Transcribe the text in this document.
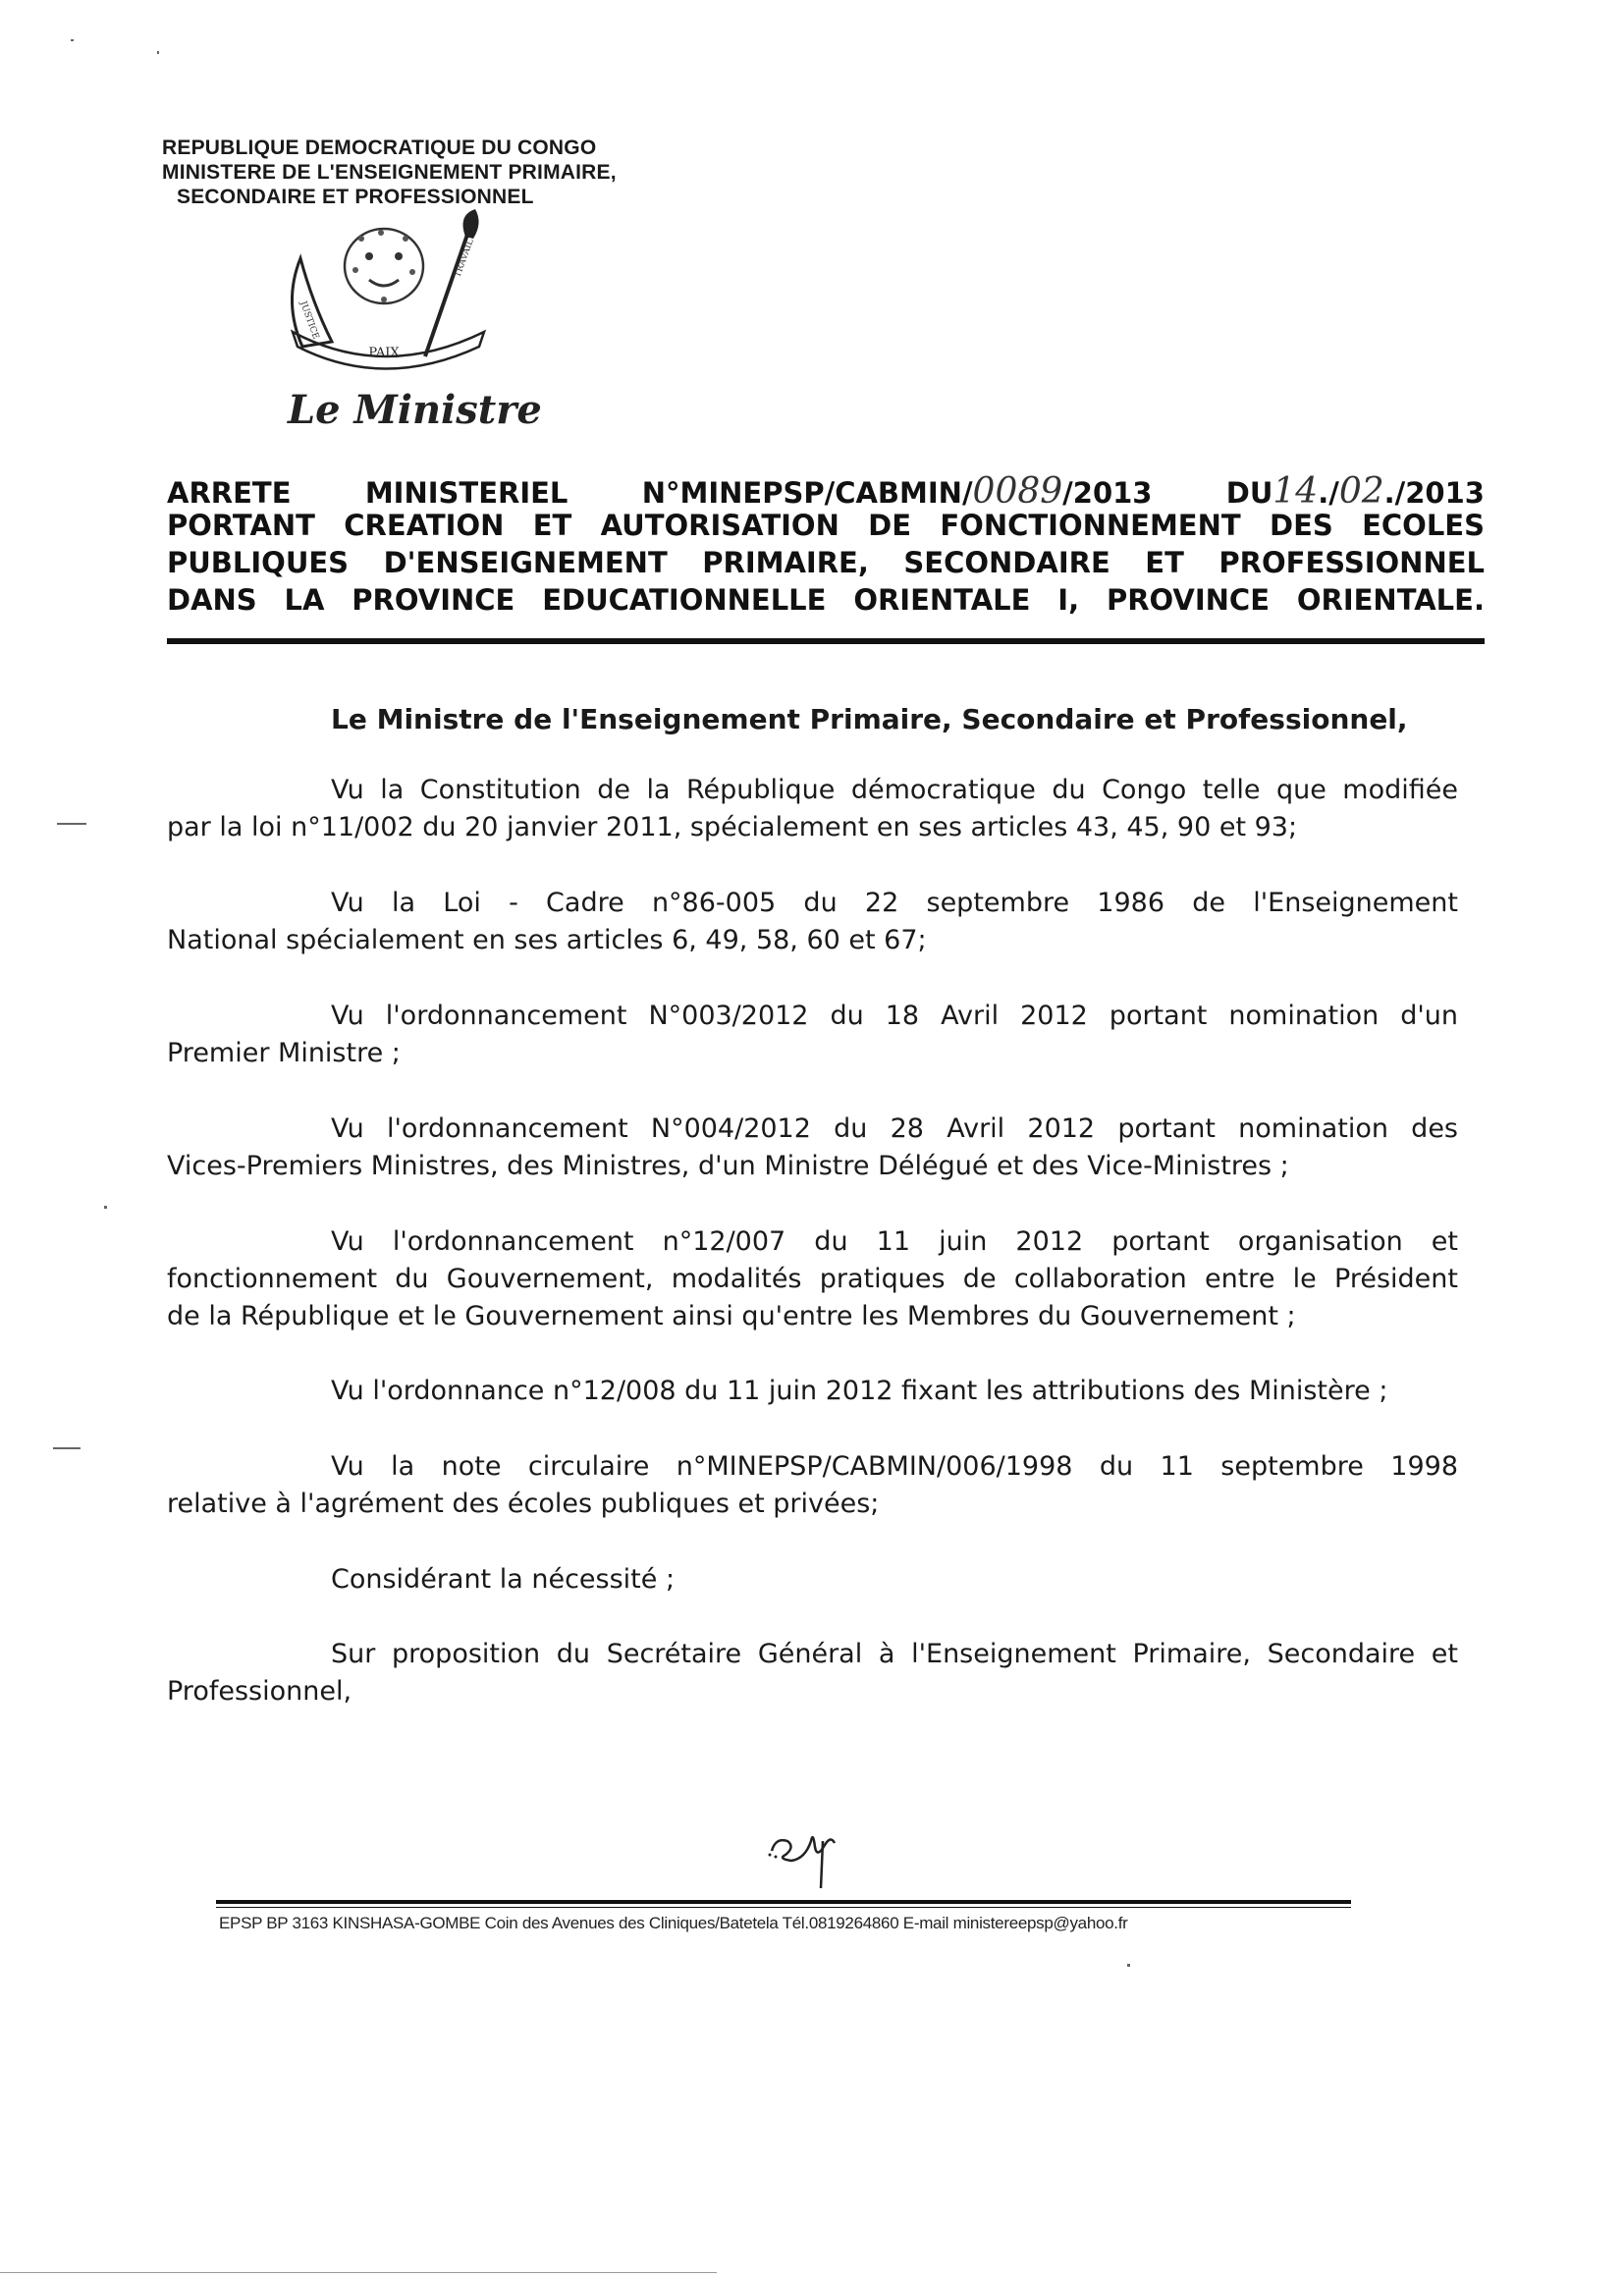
REPUBLIQUE DEMOCRATIQUE DU CONGO
MINISTERE DE L'ENSEIGNEMENT PRIMAIRE,
SECONDAIRE ET PROFESSIONNEL
PAIX
JUSTICE
TRAVAIL
Le Ministre
ARRETE	MINISTERIEL	N°MINEPSP/CABMIN/ 0089 /2013	DU 14 ./ 02 ./2013
PORTANT CREATION ET AUTORISATION DE FONCTIONNEMENT DES ECOLES
PUBLIQUES D'ENSEIGNEMENT PRIMAIRE, SECONDAIRE ET PROFESSIONNEL
DANS LA PROVINCE EDUCATIONNELLE ORIENTALE I, PROVINCE ORIENTALE.
Le Ministre de l'Enseignement Primaire, Secondaire et Professionnel,
Vu la Constitution de la République démocratique du Congo telle que modifiée
par la loi n°11/002 du 20 janvier 2011, spécialement en ses articles 43, 45, 90 et 93;
Vu la Loi - Cadre n°86-005 du 22 septembre 1986 de l'Enseignement
National spécialement en ses articles 6, 49, 58, 60 et 67;
Vu l'ordonnancement N°003/2012 du 18 Avril 2012 portant nomination d'un
Premier Ministre ;
Vu l'ordonnancement N°004/2012 du 28 Avril 2012 portant nomination des
Vices-Premiers Ministres, des Ministres, d'un Ministre Délégué et des Vice-Ministres ;
Vu l'ordonnancement n°12/007 du 11 juin 2012 portant organisation et
fonctionnement du Gouvernement, modalités pratiques de collaboration entre le Président
de la République et le Gouvernement ainsi qu'entre les Membres du Gouvernement ;
Vu l'ordonnance n°12/008 du 11 juin 2012 fixant les attributions des Ministère ;
Vu la note circulaire n°MINEPSP/CABMIN/006/1998 du 11 septembre 1998
relative à l'agrément des écoles publiques et privées;
Considérant la nécessité ;
Sur proposition du Secrétaire Général à l'Enseignement Primaire, Secondaire et
Professionnel,
EPSP BP 3163 KINSHASA-GOMBE Coin des Avenues des Cliniques/Batetela Tél.0819264860 E-mail ministereepsp@yahoo.fr
